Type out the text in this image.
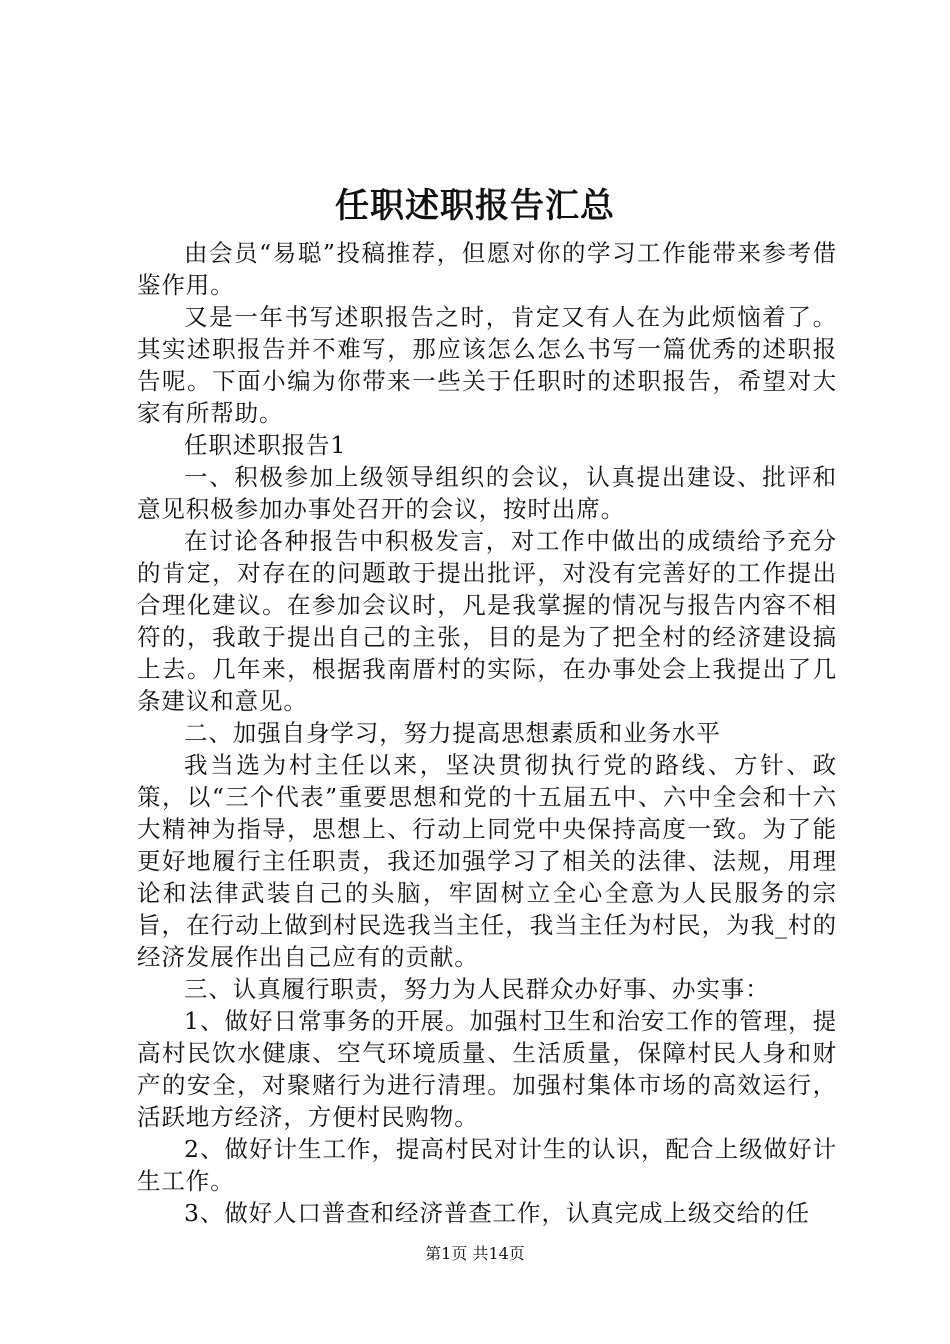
任职述职报告汇总

由会员“易聪”投稿推荐，但愿对你的学习工作能带来参考借鉴作用。

又是一年书写述职报告之时，肯定又有人在为此烦恼着了。其实述职报告并不难写，那应该怎么怎么书写一篇优秀的述职报告呢。下面小编为你带来一些关于任职时的述职报告，希望对大家有所帮助。

任职述职报告1

一、积极参加上级领导组织的会议，认真提出建设、批评和意见积极参加办事处召开的会议，按时出席。

在讨论各种报告中积极发言，对工作中做出的成绩给予充分的肯定，对存在的问题敢于提出批评，对没有完善好的工作提出合理化建议。在参加会议时，凡是我掌握的情况与报告内容不相符的，我敢于提出自己的主张，目的是为了把全村的经济建设搞上去。几年来，根据我南厝村的实际，在办事处会上我提出了几条建议和意见。

二、加强自身学习，努力提高思想素质和业务水平

我当选为村主任以来，坚决贯彻执行党的路线、方针、政策，以“三个代表”重要思想和党的十五届五中、六中全会和十六大精神为指导，思想上、行动上同党中央保持高度一致。为了能更好地履行主任职责，我还加强学习了相关的法律、法规，用理论和法律武装自己的头脑，牢固树立全心全意为人民服务的宗旨，在行动上做到村民选我当主任，我当主任为村民，为我_村的经济发展作出自己应有的贡献。

三、认真履行职责，努力为人民群众办好事、办实事：

1、做好日常事务的开展。加强村卫生和治安工作的管理，提高村民饮水健康、空气环境质量、生活质量，保障村民人身和财产的安全，对聚赌行为进行清理。加强村集体市场的高效运行，活跃地方经济，方便村民购物。

2、做好计生工作，提高村民对计生的认识，配合上级做好计生工作。

3、做好人口普查和经济普查工作，认真完成上级交给的任

第1页 共14页
